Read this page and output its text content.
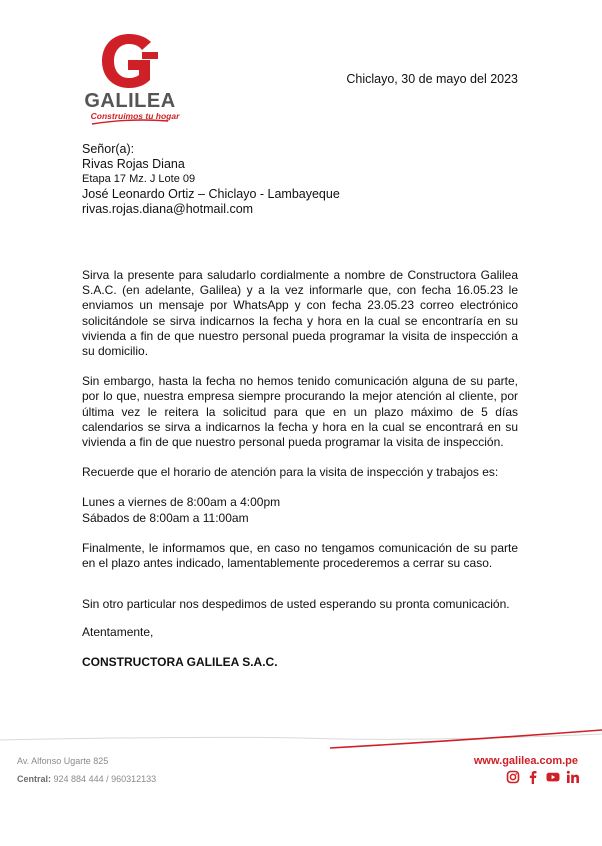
GALILEA
Construimos tu hogar
Chiclayo, 30 de mayo del 2023
Señor(a):
Rivas Rojas Diana
Etapa 17 Mz. J Lote 09
José Leonardo Ortiz – Chiclayo - Lambayeque
rivas.rojas.diana@hotmail.com

Sirva la presente para saludarlo cordialmente a nombre de Constructora Galilea S.A.C. (en adelante, Galilea) y a la vez informarle que, con fecha 16.05.23 le enviamos un mensaje por WhatsApp y con fecha 23.05.23 correo electrónico solicitándole se sirva indicarnos la fecha y hora en la cual se encontraría en su vivienda a fin de que nuestro personal pueda programar la visita de inspección a su domicilio.

Sin embargo, hasta la fecha no hemos tenido comunicación alguna de su parte, por lo que, nuestra empresa siempre procurando la mejor atención al cliente, por última vez le reitera la solicitud para que en un plazo máximo de 5 días calendarios se sirva a indicarnos la fecha y hora en la cual se encontrará en su vivienda a fin de que nuestro personal pueda programar la visita de inspección.

Recuerde que el horario de atención para la visita de inspección y trabajos es:

Lunes a viernes de 8:00am a 4:00pm
Sábados de 8:00am a 11:00am

Finalmente, le informamos que, en caso no tengamos comunicación de su parte en el plazo antes indicado, lamentablemente procederemos a cerrar su caso.

Sin otro particular nos despedimos de usted esperando su pronta comunicación.

Atentamente,

CONSTRUCTORA GALILEA S.A.C.

Av. Alfonso Ugarte 825
Central: 924 884 444 / 960312133
www.galilea.com.pe
